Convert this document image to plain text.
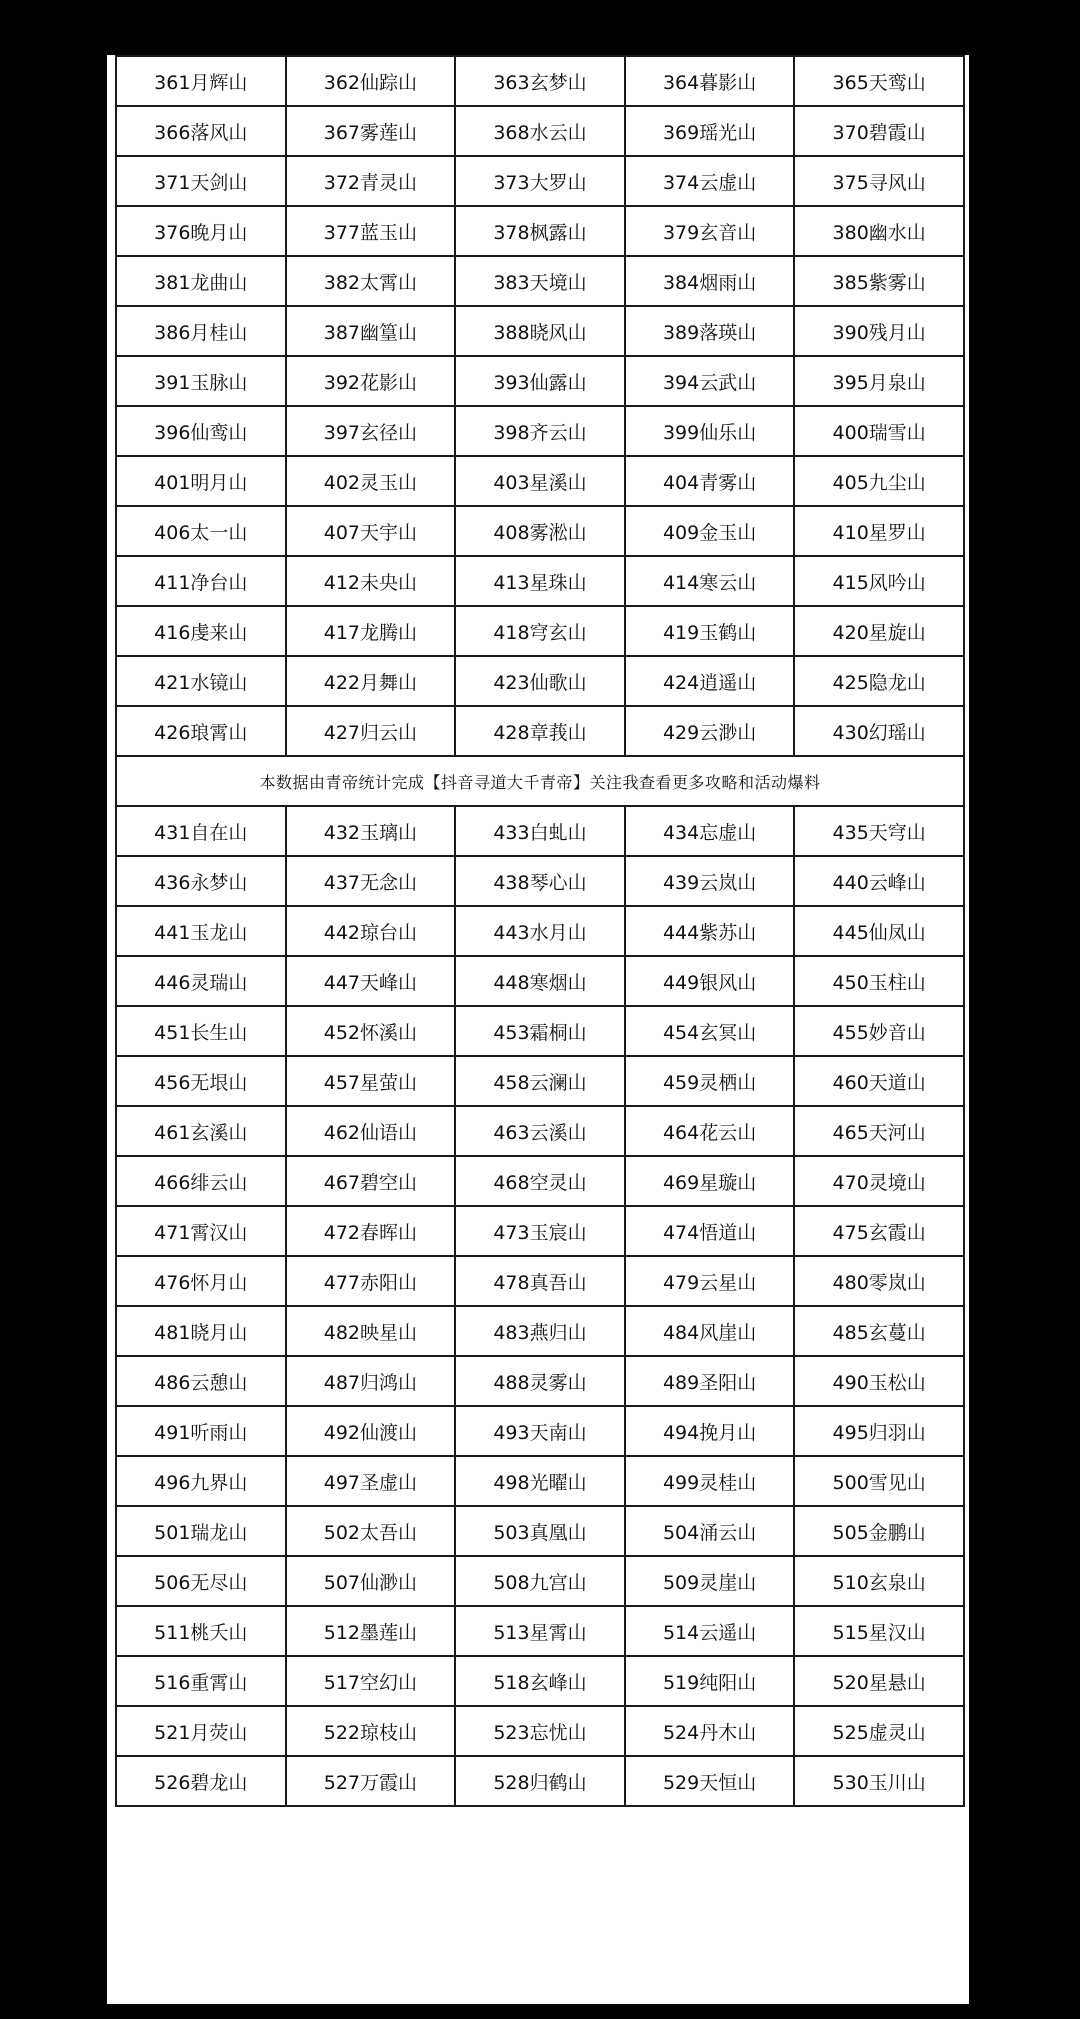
361月辉山	362仙踪山	363玄梦山	364暮影山	365天鸾山
366落风山	367雾莲山	368水云山	369瑶光山	370碧霞山
371天剑山	372青灵山	373大罗山	374云虚山	375寻风山
376晚月山	377蓝玉山	378枫露山	379玄音山	380幽水山
381龙曲山	382太霄山	383天境山	384烟雨山	385紫雾山
386月桂山	387幽篁山	388晓风山	389落瑛山	390残月山
391玉脉山	392花影山	393仙露山	394云武山	395月泉山
396仙鸾山	397玄径山	398齐云山	399仙乐山	400瑞雪山
401明月山	402灵玉山	403星溪山	404青雾山	405九尘山
406太一山	407天宇山	408雾淞山	409金玉山	410星罗山
411净台山	412未央山	413星珠山	414寒云山	415风吟山
416虔来山	417龙腾山	418穹玄山	419玉鹤山	420星旋山
421水镜山	422月舞山	423仙歌山	424逍遥山	425隐龙山
426琅霄山	427归云山	428章莪山	429云渺山	430幻瑶山
本数据由青帝统计完成【抖音寻道大千青帝】关注我查看更多攻略和活动爆料				
431自在山	432玉璃山	433白虬山	434忘虚山	435天穹山
436永梦山	437无念山	438琴心山	439云岚山	440云峰山
441玉龙山	442琼台山	443水月山	444紫苏山	445仙凤山
446灵瑞山	447天峰山	448寒烟山	449银风山	450玉柱山
451长生山	452怀溪山	453霜桐山	454玄冥山	455妙音山
456无垠山	457星萤山	458云澜山	459灵栖山	460天道山
461玄溪山	462仙语山	463云溪山	464花云山	465天河山
466绯云山	467碧空山	468空灵山	469星璇山	470灵境山
471霄汉山	472春晖山	473玉宸山	474悟道山	475玄霞山
476怀月山	477赤阳山	478真吾山	479云星山	480零岚山
481晓月山	482映星山	483燕归山	484风崖山	485玄蔓山
486云憩山	487归鸿山	488灵雾山	489圣阳山	490玉松山
491听雨山	492仙渡山	493天南山	494挽月山	495归羽山
496九界山	497圣虚山	498光曜山	499灵桂山	500雪见山
501瑞龙山	502太吾山	503真凰山	504涌云山	505金鹏山
506无尽山	507仙渺山	508九宫山	509灵崖山	510玄泉山
511桃夭山	512墨莲山	513星霄山	514云遥山	515星汉山
516重霄山	517空幻山	518玄峰山	519纯阳山	520星悬山
521月荧山	522琼枝山	523忘忧山	524丹木山	525虚灵山
526碧龙山	527万霞山	528归鹤山	529天恒山	530玉川山
